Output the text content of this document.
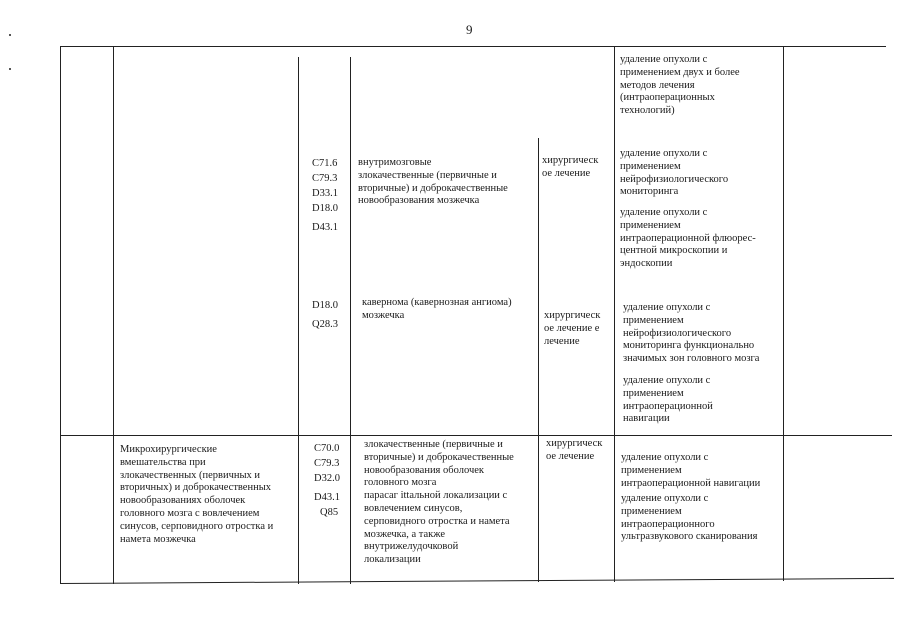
9
удаление опухоли с
применением двух и более
методов лечения
(интраоперационных
технологий)
C71.6
C79.3
D33.1
D18.0
D43.1
внутримозговые
злокачественные (первичные и
вторичные) и доброкачественные
новообразования мозжечка
хирургическ
ое лечение
удаление опухоли с
применением
нейрофизиологического
мониторинга
удаление опухоли с
применением
интраоперационной флюорес-
центной микроскопии и
эндоскопии
D18.0
Q28.3
кавернома (кавернозная ангиома)
мозжечка	хирургическ
ое лечение е
лечение
удаление опухоли с
применением
нейрофизиологического
мониторинга функционально
значимых зон головного мозга
удаление опухоли с
применением
интраоперационной
навигации
Микрохирургические
вмешательства при
злокачественных (первичных и
вторичных) и доброкачественных
новообразованиях оболочек
головного мозга с вовлечением
синусов, серповидного отростка и
намета мозжечка
C70.0
C79.3
D32.0
D43.1
Q85
злокачественные (первичные и
вторичные) и доброкачественные
новообразования оболочек
головного мозга
парасаг ittальной локализации с
вовлечением синусов,
серповидного отростка и намета
мозжечка, а также
внутрижелудочковой
локализации
хирургическ
ое лечение	удаление опухоли с
применением
интраоперационной навигации
удаление опухоли с
применением
интраоперационного
ультразвукового сканирования
